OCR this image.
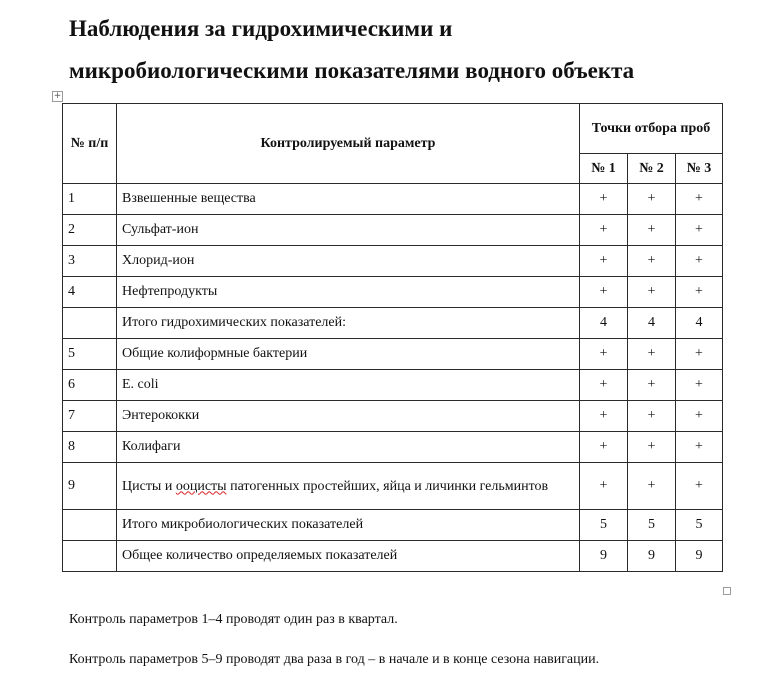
Наблюдения за гидрохимическими и
микробиологическими показателями водного объекта
+
№ п/п	Контролируемый параметр	Точки отбора проб		
		№ 1	№ 2	№ 3
1	Взвешенные вещества	+	+	+
2	Сульфат-ион	+	+	+
3	Хлорид-ион	+	+	+
4	Нефтепродукты	+	+	+
	Итого гидрохимических показателей:	4	4	4
5	Общие колиформные бактерии	+	+	+
6	E. coli	+	+	+
7	Энтерококки	+	+	+
8	Колифаги	+	+	+
9	Цисты и ооцисты патогенных простейших, яйца и личинки гельминтов	+	+	+
	Итого микробиологических показателей	5	5	5
	Общее количество определяемых показателей	9	9	9

Контроль параметров 1–4 проводят один раз в квартал.

Контроль параметров 5–9 проводят два раза в год – в начале и в конце сезона навигации.
